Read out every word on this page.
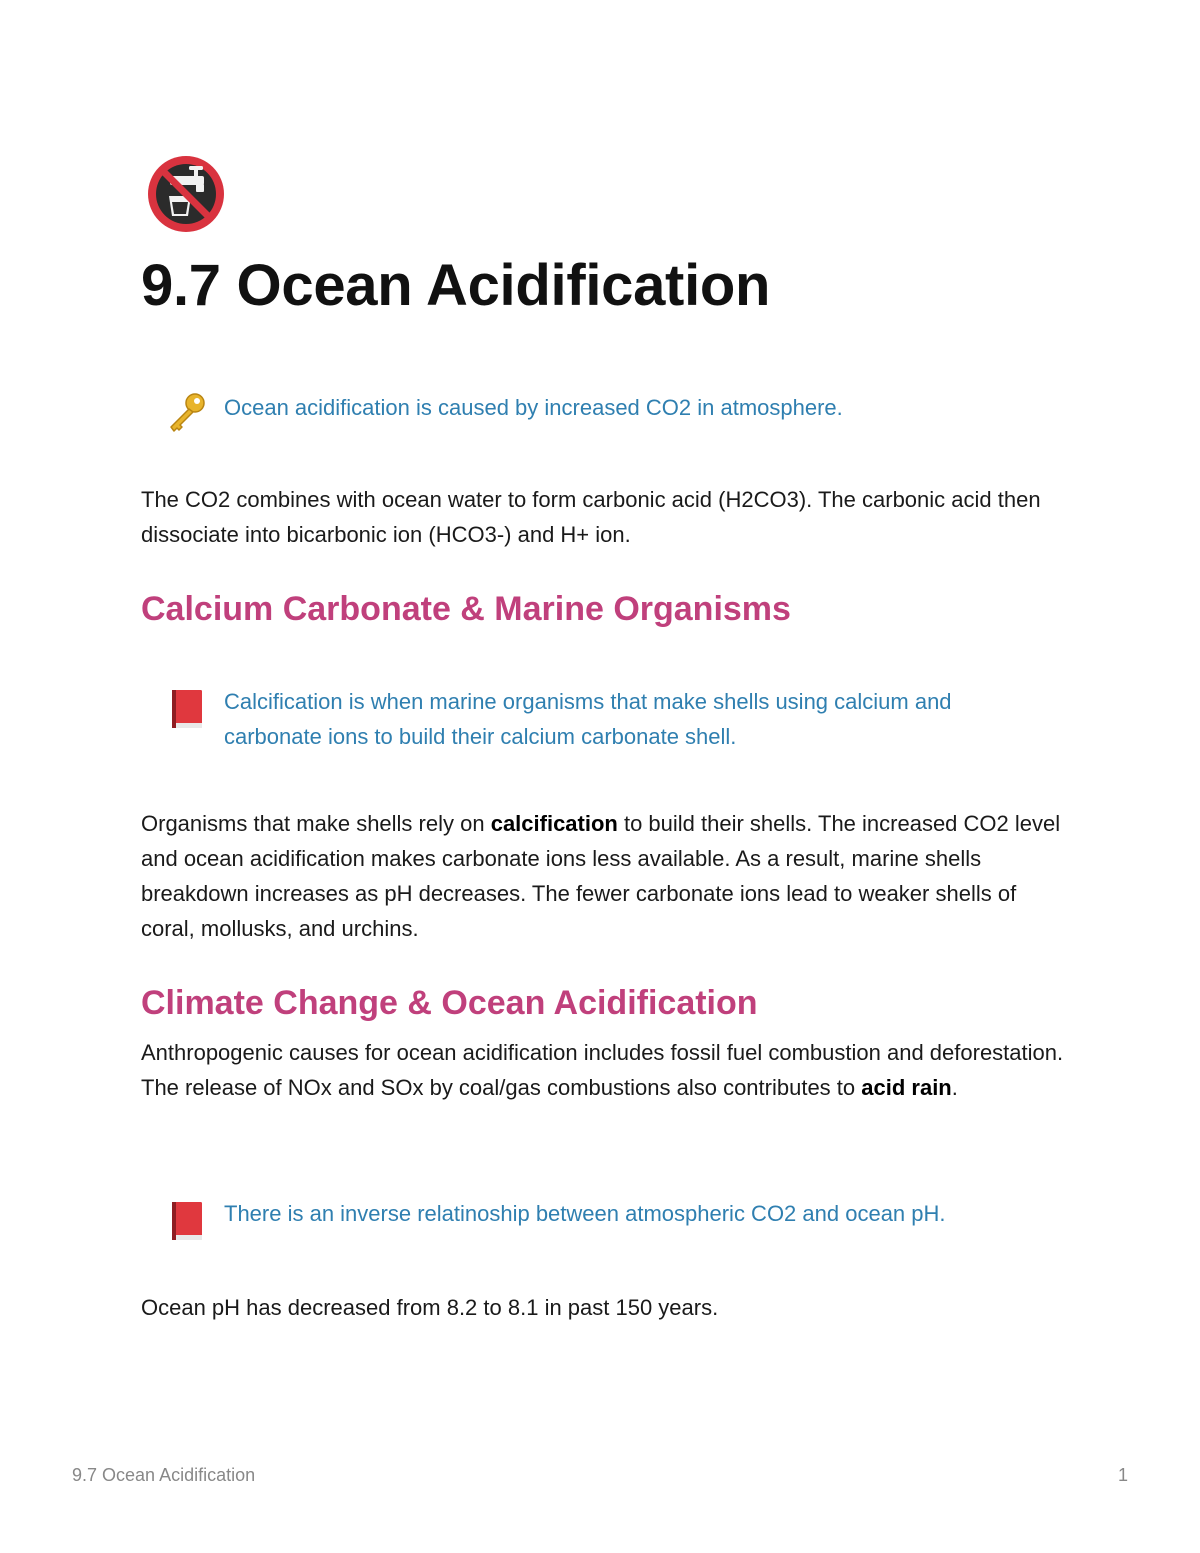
9.7 Ocean Acidification

Ocean acidification is caused by increased CO2 in atmosphere.

The CO2 combines with ocean water to form carbonic acid (H2CO3). The carbonic acid then dissociate into bicarbonic ion (HCO3-) and H+ ion.

Calcium Carbonate & Marine Organisms

Calcification is when marine organisms that make shells using calcium and carbonate ions to build their calcium carbonate shell.

Organisms that make shells rely on calcification to build their shells. The increased CO2 level and ocean acidification makes carbonate ions less available. As a result, marine shells breakdown increases as pH decreases. The fewer carbonate ions lead to weaker shells of coral, mollusks, and urchins.

Climate Change & Ocean Acidification

Anthropogenic causes for ocean acidification includes fossil fuel combustion and deforestation. The release of NOx and SOx by coal/gas combustions also contributes to acid rain.

There is an inverse relatinoship between atmospheric CO2 and ocean pH.

Ocean pH has decreased from 8.2 to 8.1 in past 150 years.

9.7 Ocean Acidification	1
